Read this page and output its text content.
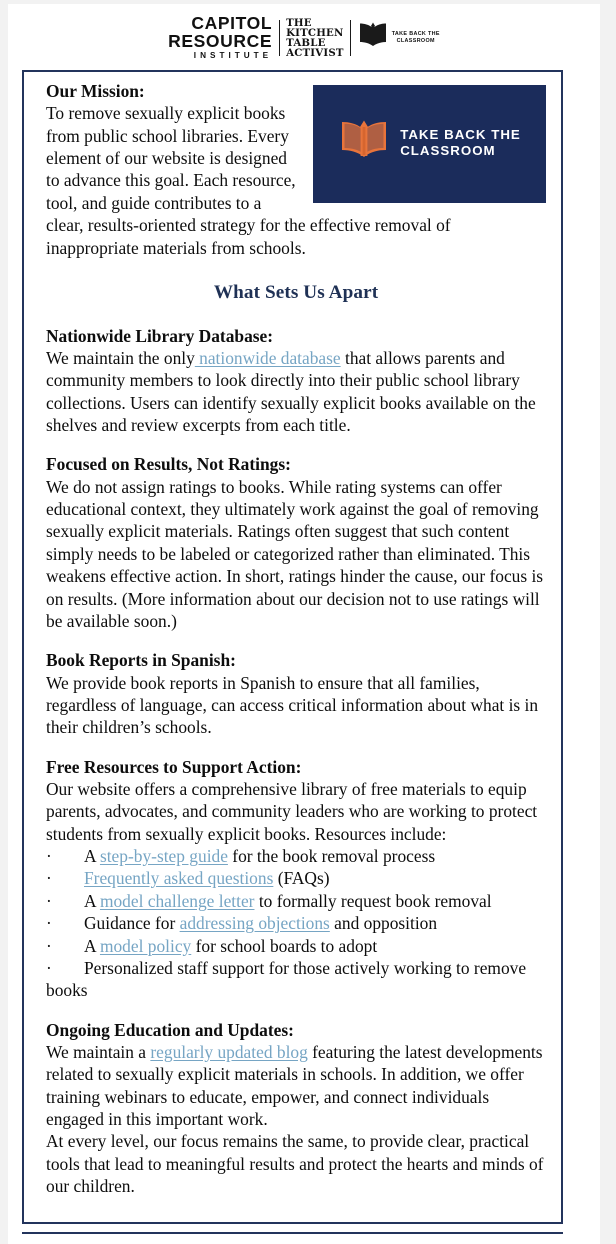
CAPITOL
RESOURCE
INSTITUTE
THE
KITCHEN
TABLE
ACTIVIST
TAKE BACK THE
CLASSROOM
TAKE BACK THE
CLASSROOM
Our Mission:
To remove sexually explicit books from public school libraries. Every element of our website is designed to advance this goal. Each resource, tool, and guide contributes to a clear, results-oriented strategy for the effective removal of inappropriate materials from schools.
What Sets Us Apart
Nationwide Library Database:
We maintain the only nationwide database that allows parents and community members to look directly into their public school library collections. Users can identify sexually explicit books available on the shelves and review excerpts from each title.
Focused on Results, Not Ratings:
We do not assign ratings to books. While rating systems can offer educational context, they ultimately work against the goal of removing sexually explicit materials. Ratings often suggest that such content simply needs to be labeled or categorized rather than eliminated. This weakens effective action. In short, ratings hinder the cause, our focus is on results. (More information about our decision not to use ratings will be available soon.)
Book Reports in Spanish:
We provide book reports in Spanish to ensure that all families, regardless of language, can access critical information about what is in their children’s schools.
Free Resources to Support Action:
Our website offers a comprehensive library of free materials to equip parents, advocates, and community leaders who are working to protect students from sexually explicit books. Resources include:
· A step-by-step guide for the book removal process
· Frequently asked questions (FAQs)
· A model challenge letter to formally request book removal
· Guidance for addressing objections and opposition
· A model policy for school boards to adopt
· Personalized staff support for those actively working to remove books
Ongoing Education and Updates:
We maintain a regularly updated blog featuring the latest developments related to sexually explicit materials in schools. In addition, we offer training webinars to educate, empower, and connect individuals engaged in this important work.
At every level, our focus remains the same, to provide clear, practical tools that lead to meaningful results and protect the hearts and minds of our children.
